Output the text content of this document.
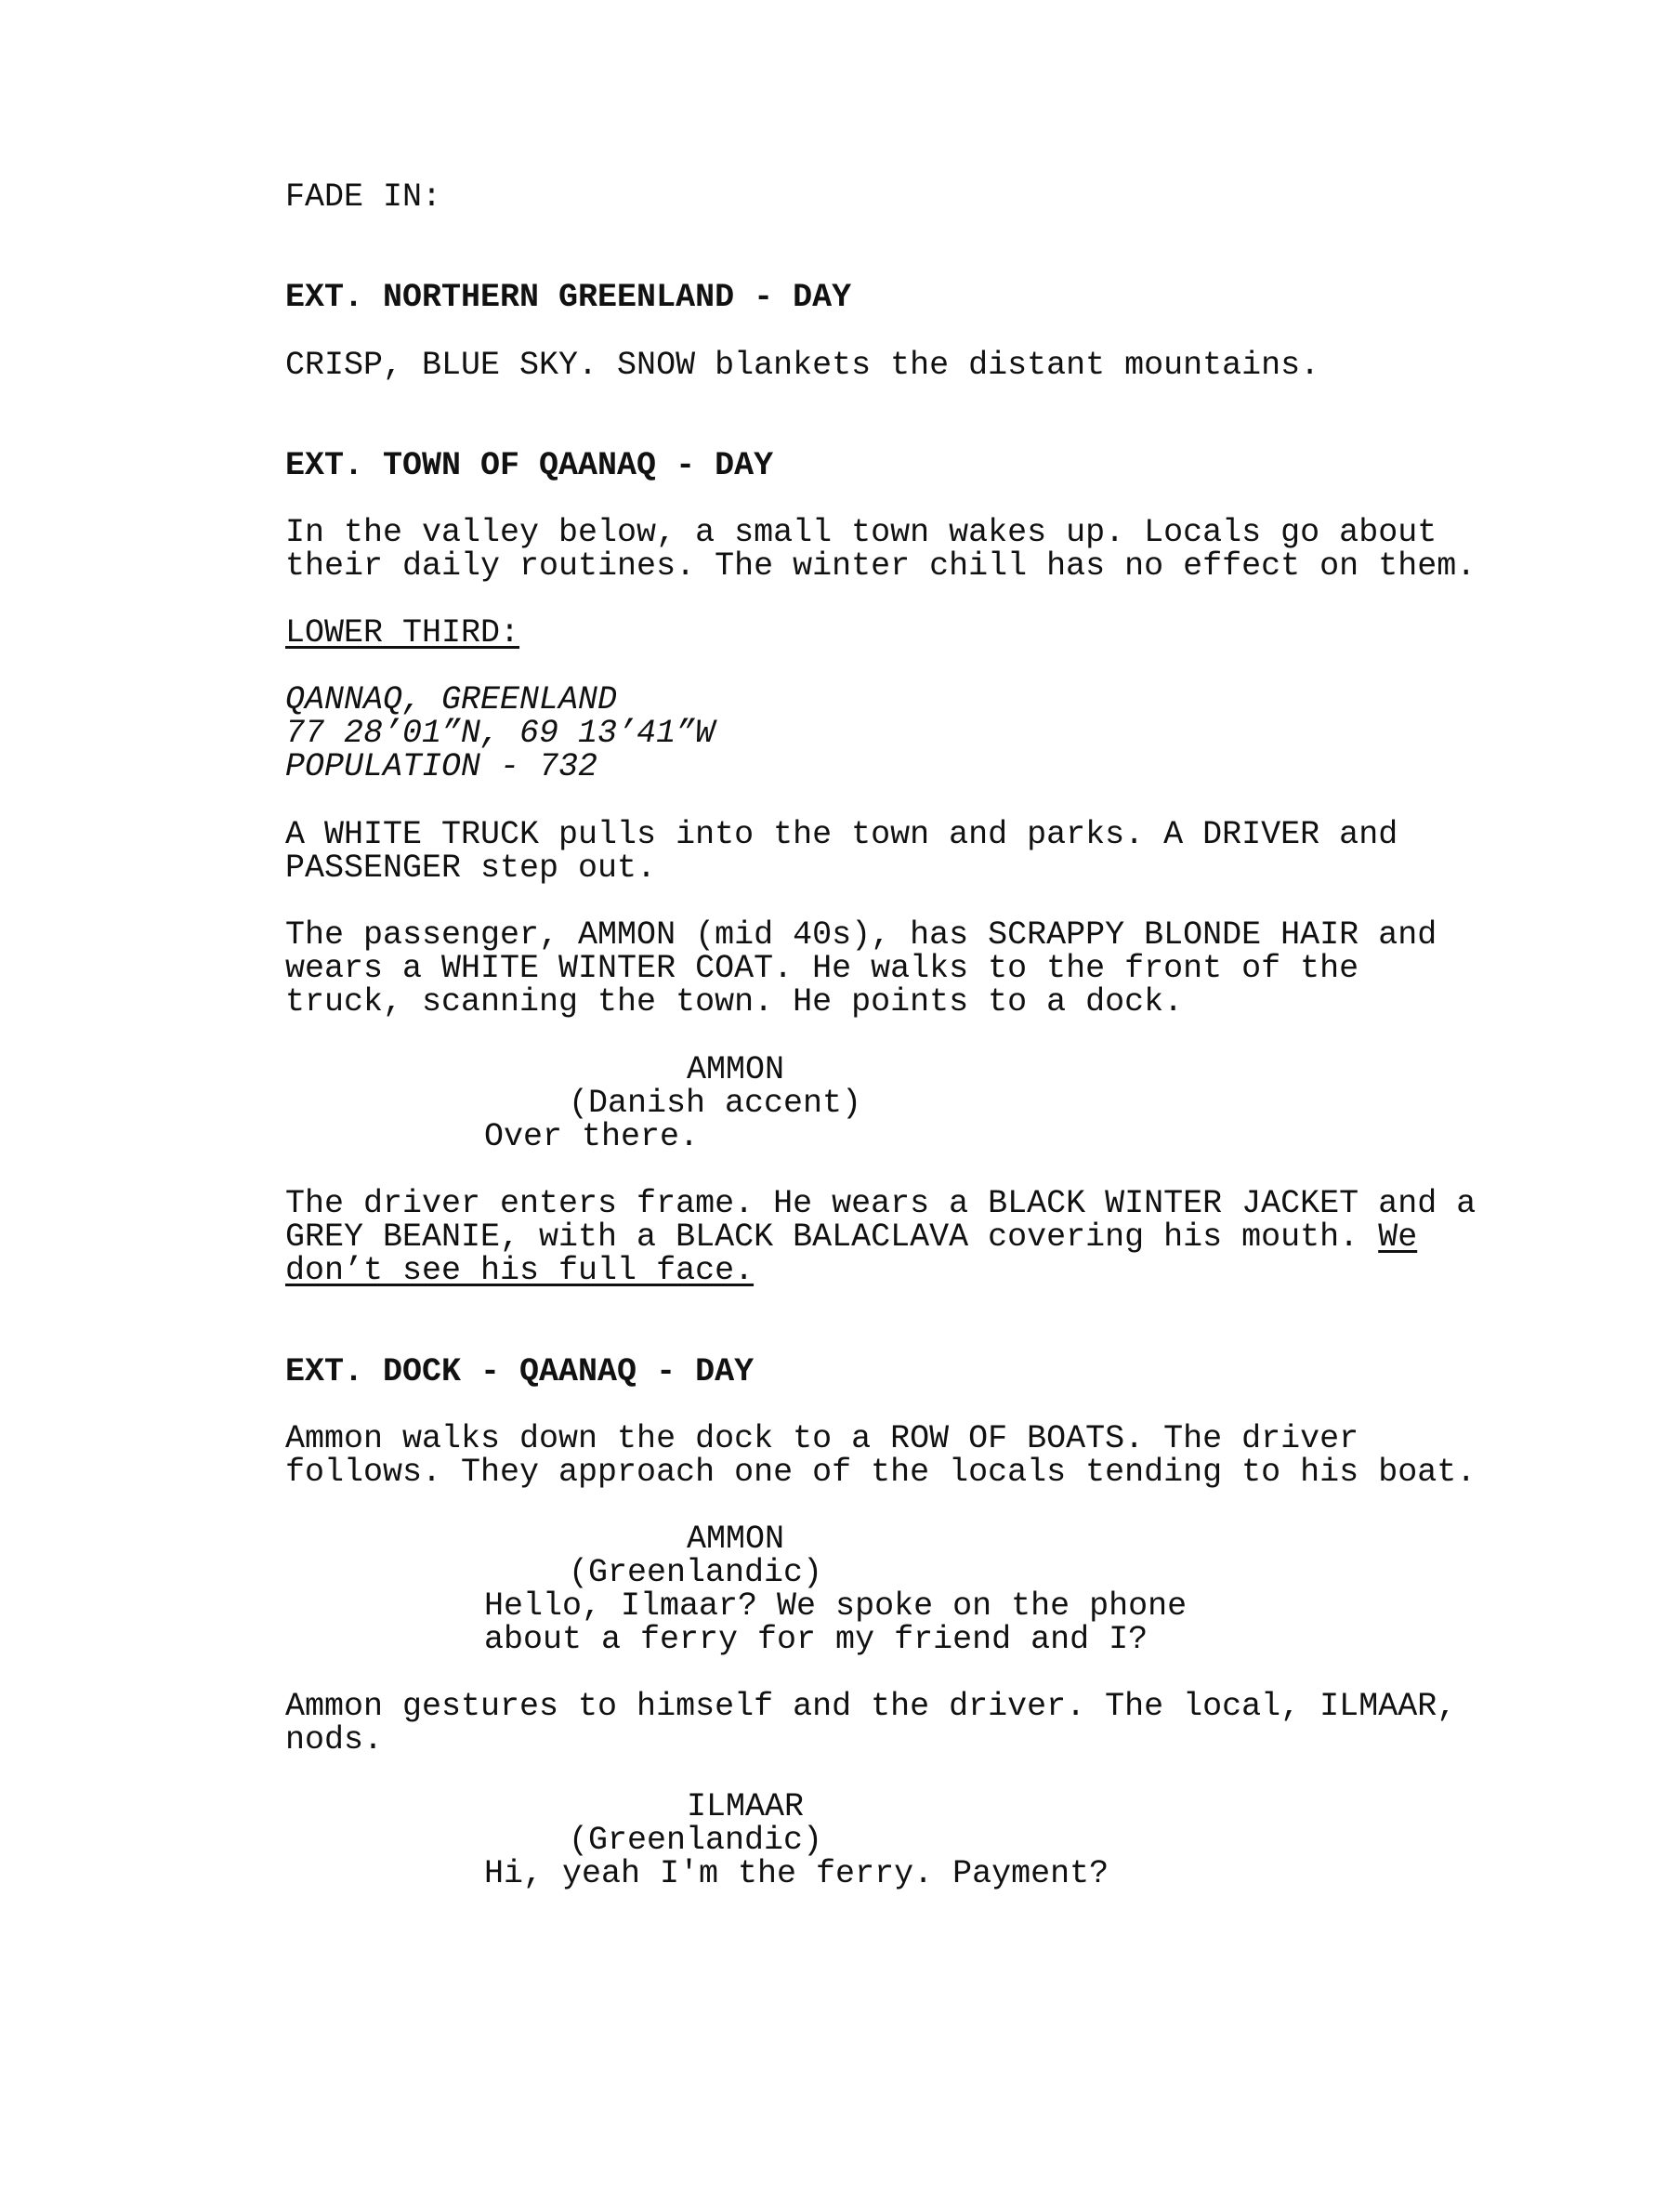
FADE IN:
EXT. NORTHERN GREENLAND - DAY
CRISP, BLUE SKY. SNOW blankets the distant mountains.
EXT. TOWN OF QAANAQ - DAY
In the valley below, a small town wakes up. Locals go about
their daily routines. The winter chill has no effect on them.
LOWER THIRD:
QANNAQ, GREENLAND
77 28’01”N, 69 13’41”W
POPULATION - 732
A WHITE TRUCK pulls into the town and parks. A DRIVER and
PASSENGER step out.
The passenger, AMMON (mid 40s), has SCRAPPY BLONDE HAIR and
wears a WHITE WINTER COAT. He walks to the front of the
truck, scanning the town. He points to a dock.
AMMON
(Danish accent)
Over there.
The driver enters frame. He wears a BLACK WINTER JACKET and a
GREY BEANIE, with a BLACK BALACLAVA covering his mouth. We
don’t see his full face.
EXT. DOCK - QAANAQ - DAY
Ammon walks down the dock to a ROW OF BOATS. The driver
follows. They approach one of the locals tending to his boat.
AMMON
(Greenlandic)
Hello, Ilmaar? We spoke on the phone
about a ferry for my friend and I?
Ammon gestures to himself and the driver. The local, ILMAAR,
nods.
ILMAAR
(Greenlandic)
Hi, yeah I'm the ferry. Payment?
